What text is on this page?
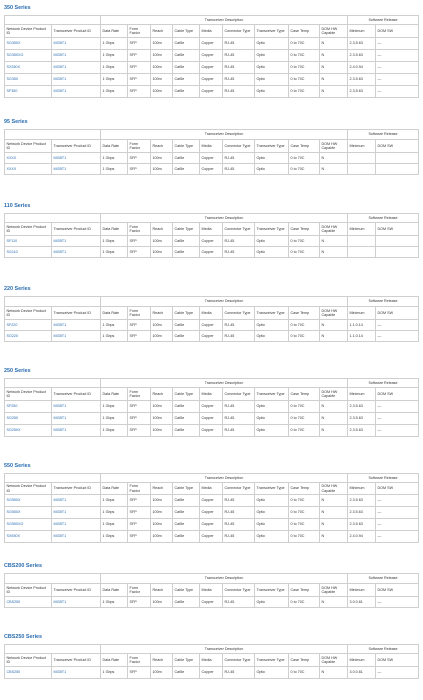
350 Series
		Transceiver Description									Software Release	
Network Device Product ID	Transceiver Product ID	Data Rate	Form Factor	Reach	Cable Type	Media	Connector Type	Transceiver Type	Case Temp	DOM HW Capable	Minimum	DOM SW
SG350X	MGBT1	1 Gbps	SFP	100m	Cat5e	Copper	RJ-45	Optic	0 to 70C	N	2.3.5.63	—
SG350XG	MGBT1	1 Gbps	SFP	100m	Cat5e	Copper	RJ-45	Optic	0 to 70C	N	2.3.5.63	—
SX350X	MGBT1	1 Gbps	SFP	100m	Cat5e	Copper	RJ-45	Optic	0 to 70C	N	2.4.0.94	—
SG350	MGBT1	1 Gbps	SFP	100m	Cat5e	Copper	RJ-45	Optic	0 to 70C	N	2.3.5.63	—
SF350	MGBT1	1 Gbps	SFP	100m	Cat5e	Copper	RJ-45	Optic	0 to 70C	N	2.3.5.63	—
95 Series
		Transceiver Description									Software Release	
Network Device Product ID	Transceiver Product ID	Data Rate	Form Factor	Reach	Cable Type	Media	Connector Type	Transceiver Type	Case Temp	DOM HW Capable	Minimum	DOM SW
XXXX	MGBT1	1 Gbps	SFP	100m	Cat5e	Copper	RJ-45	Optic	0 to 70C	N		
XXXX	MGBT1	1 Gbps	SFP	100m	Cat5e	Copper	RJ-45	Optic	0 to 70C	N		
110 Series
		Transceiver Description									Software Release	
Network Device Product ID	Transceiver Product ID	Data Rate	Form Factor	Reach	Cable Type	Media	Connector Type	Transceiver Type	Case Temp	DOM HW Capable	Minimum	DOM SW
SF110	MGBT1	1 Gbps	SFP	100m	Cat5e	Copper	RJ-45	Optic	0 to 70C	N		
SG110	MGBT1	1 Gbps	SFP	100m	Cat5e	Copper	RJ-45	Optic	0 to 70C	N		
220 Series
		Transceiver Description									Software Release	
Network Device Product ID	Transceiver Product ID	Data Rate	Form Factor	Reach	Cable Type	Media	Connector Type	Transceiver Type	Case Temp	DOM HW Capable	Minimum	DOM SW
SF220	MGBT1	1 Gbps	SFP	100m	Cat5e	Copper	RJ-45	Optic	0 to 70C	N	1.1.0.14	—
SG220	MGBT1	1 Gbps	SFP	100m	Cat5e	Copper	RJ-45	Optic	0 to 70C	N	1.1.0.14	—
250 Series
		Transceiver Description									Software Release	
Network Device Product ID	Transceiver Product ID	Data Rate	Form Factor	Reach	Cable Type	Media	Connector Type	Transceiver Type	Case Temp	DOM HW Capable	Minimum	DOM SW
SF250	MGBT1	1 Gbps	SFP	100m	Cat5e	Copper	RJ-45	Optic	0 to 70C	N	2.3.5.63	—
SG250	MGBT1	1 Gbps	SFP	100m	Cat5e	Copper	RJ-45	Optic	0 to 70C	N	2.3.5.63	—
SG250X	MGBT1	1 Gbps	SFP	100m	Cat5e	Copper	RJ-45	Optic	0 to 70C	N	2.3.5.63	—
550 Series
		Transceiver Description									Software Release	
Network Device Product ID	Transceiver Product ID	Data Rate	Form Factor	Reach	Cable Type	Media	Connector Type	Transceiver Type	Case Temp	DOM HW Capable	Minimum	DOM SW
SG550X	MGBT1	1 Gbps	SFP	100m	Cat5e	Copper	RJ-45	Optic	0 to 70C	N	2.3.5.63	—
SG550X	MGBT1	1 Gbps	SFP	100m	Cat5e	Copper	RJ-45	Optic	0 to 70C	N	2.3.5.63	—
SG550XG	MGBT1	1 Gbps	SFP	100m	Cat5e	Copper	RJ-45	Optic	0 to 70C	N	2.3.5.63	—
SX550X	MGBT1	1 Gbps	SFP	100m	Cat5e	Copper	RJ-45	Optic	0 to 70C	N	2.4.0.94	—
CBS200 Series
		Transceiver Description									Software Release	
Network Device Product ID	Transceiver Product ID	Data Rate	Form Factor	Reach	Cable Type	Media	Connector Type	Transceiver Type	Case Temp	DOM HW Capable	Minimum	DOM SW
CBS250	MGBT1	1 Gbps	SFP	100m	Cat5e	Copper	RJ-45	Optic	0 to 70C	N	3.0.0.61	—
CBS250 Series
		Transceiver Description									Software Release	
Network Device Product ID	Transceiver Product ID	Data Rate	Form Factor	Reach	Cable Type	Media	Connector Type	Transceiver Type	Case Temp	DOM HW Capable	Minimum	DOM SW
CBS250	MGBT1	1 Gbps	SFP	100m	Cat5e	Copper	RJ-45	Optic	0 to 70C	N	3.0.0.61	—
